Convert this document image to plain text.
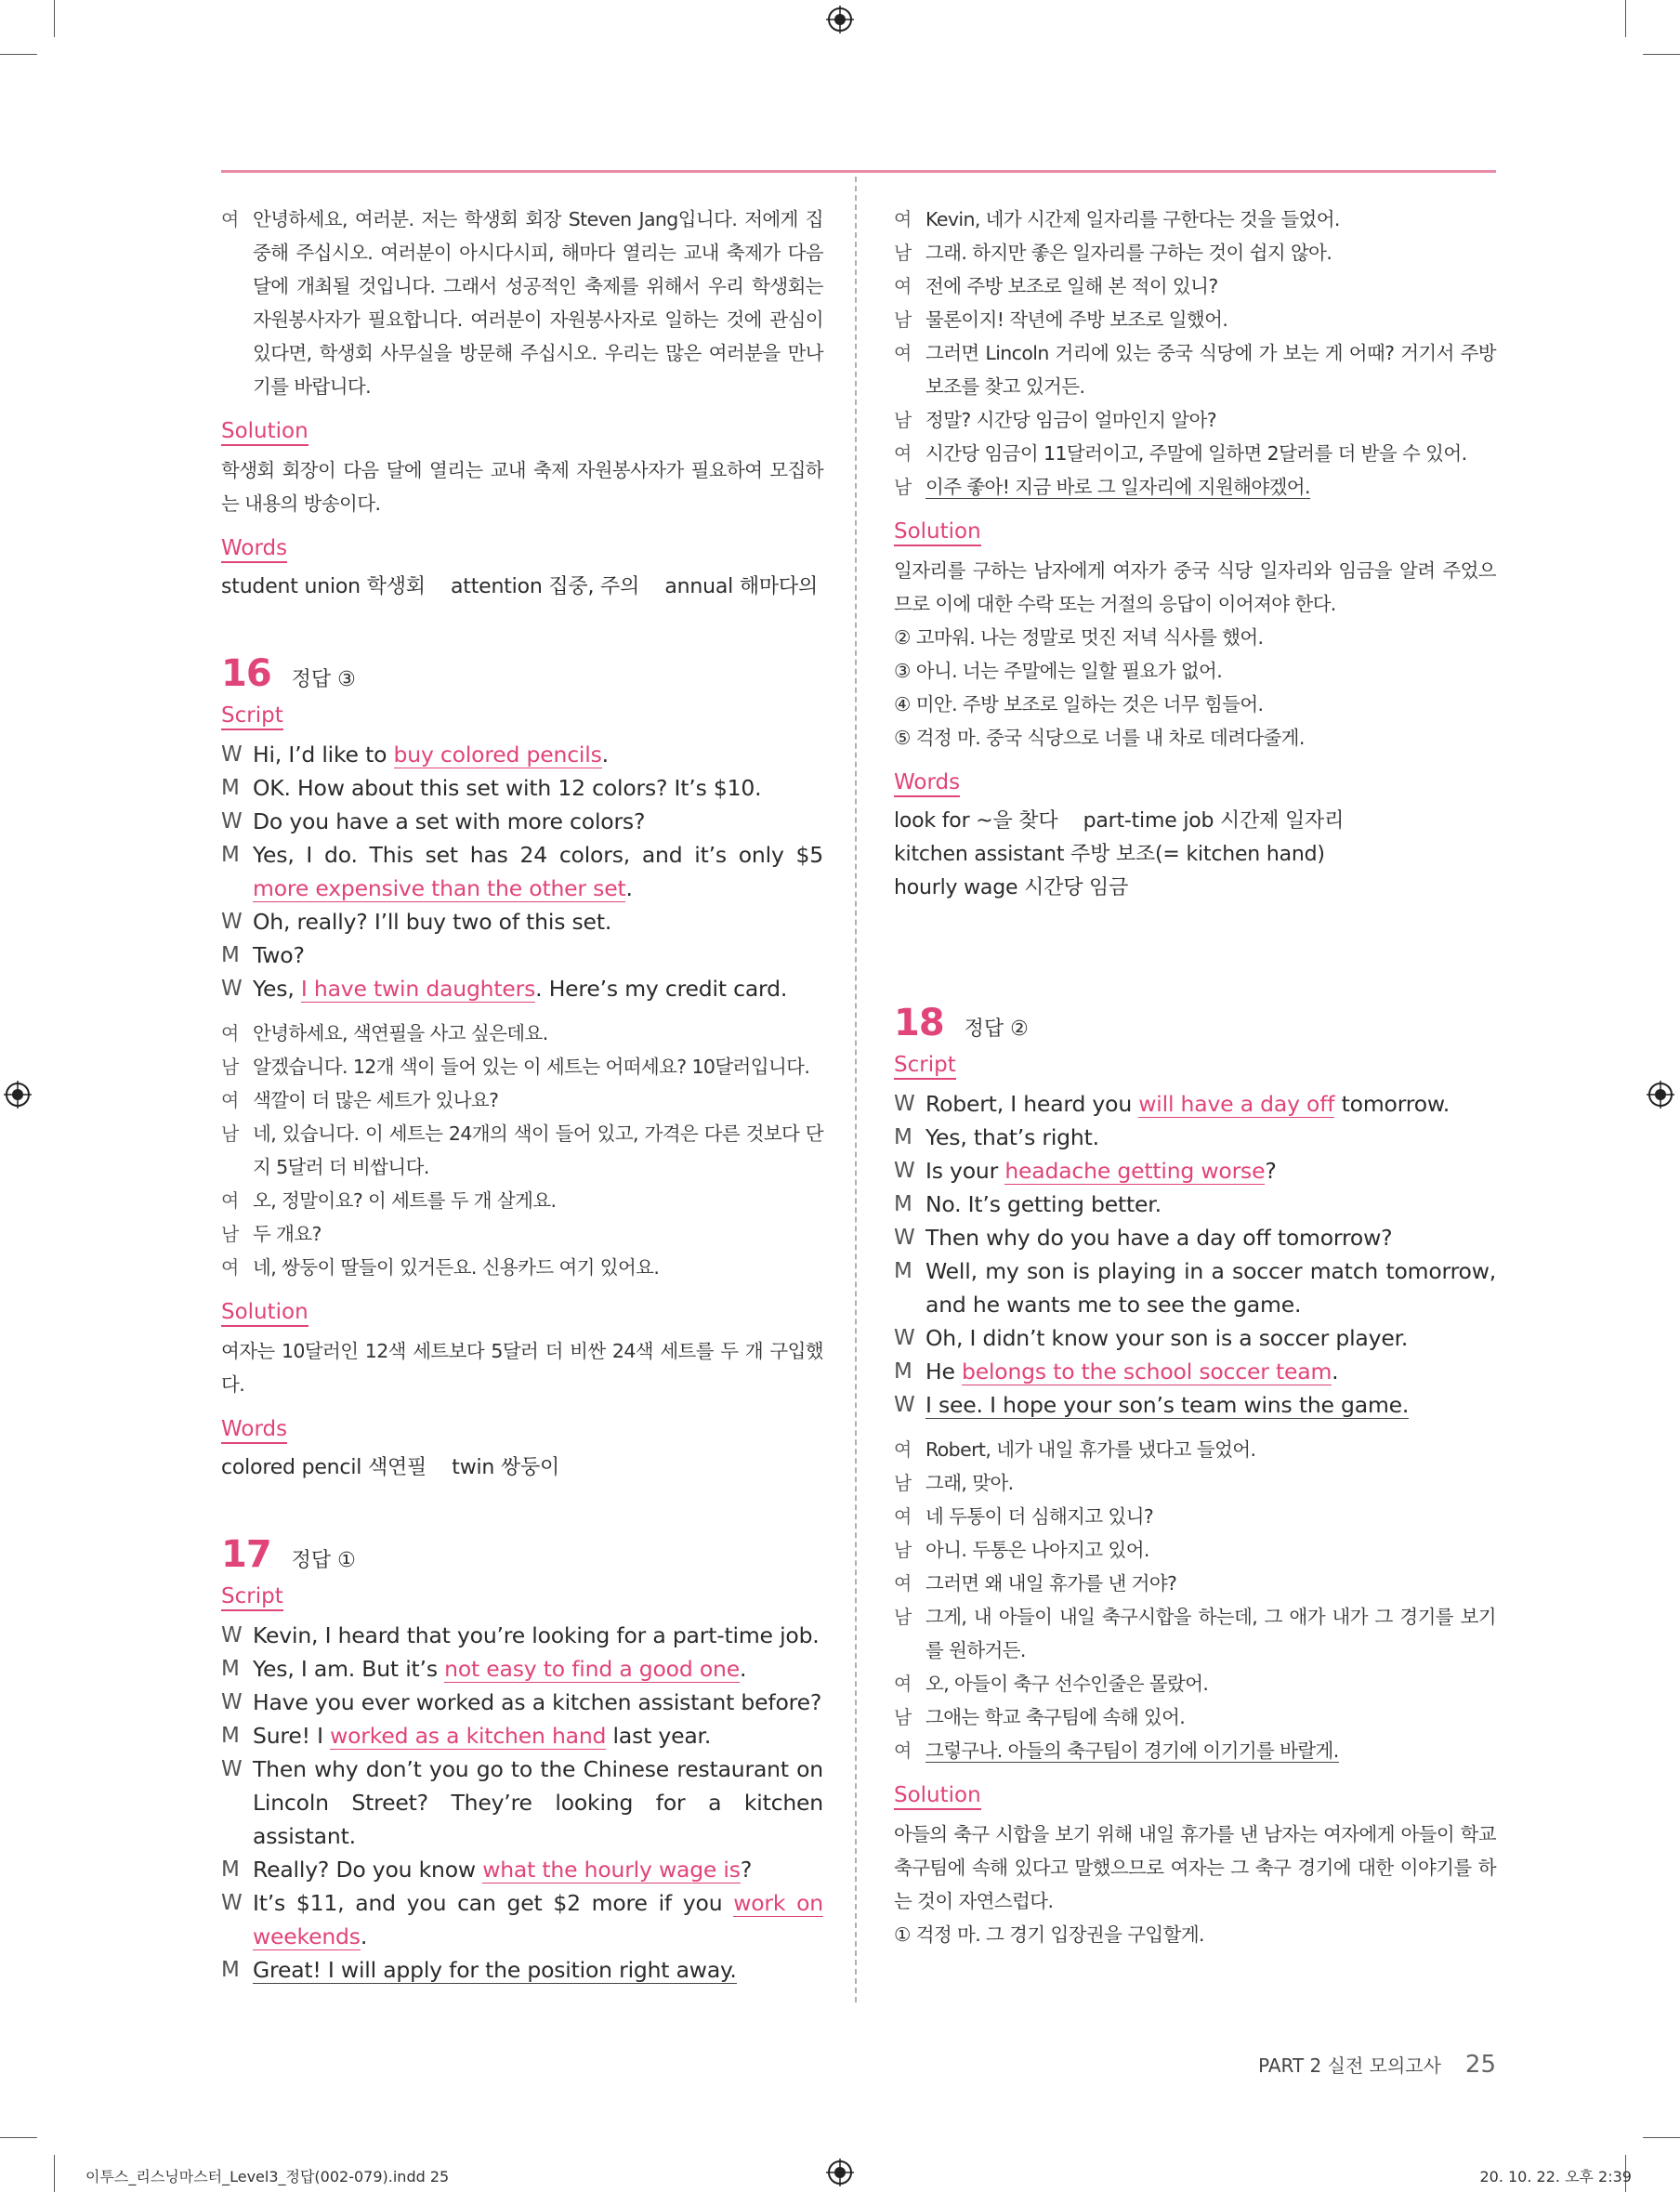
여 안녕하세요, 여러분. 저는 학생회 회장 Steven Jang입니다. 저에게 집중해 주십시오. 여러분이 아시다시피, 해마다 열리는 교내 축제가 다음 달에 개최될 것입니다. 그래서 성공적인 축제를 위해서 우리 학생회는 자원봉사자가 필요합니다. 여러분이 자원봉사자로 일하는 것에 관심이 있다면, 학생회 사무실을 방문해 주십시오. 우리는 많은 여러분을 만나기를 바랍니다.
Solution
학생회 회장이 다음 달에 열리는 교내 축제 자원봉사자가 필요하여 모집하는 내용의 방송이다.
Words
student union 학생회    attention 집중, 주의    annual 해마다의
16 정답 ③
Script
W Hi, I’d like to buy colored pencils.
M OK. How about this set with 12 colors? It’s $10.
W Do you have a set with more colors?
M Yes, I do. This set has 24 colors, and it’s only $5 more expensive than the other set.
W Oh, really? I’ll buy two of this set.
M Two?
W Yes, I have twin daughters. Here’s my credit card.
여 안녕하세요, 색연필을 사고 싶은데요.
남 알겠습니다. 12개 색이 들어 있는 이 세트는 어떠세요? 10달러입니다.
여 색깔이 더 많은 세트가 있나요?
남 네, 있습니다. 이 세트는 24개의 색이 들어 있고, 가격은 다른 것보다 단지 5달러 더 비쌉니다.
여 오, 정말이요? 이 세트를 두 개 살게요.
남 두 개요?
여 네, 쌍둥이 딸들이 있거든요. 신용카드 여기 있어요.
Solution
여자는 10달러인 12색 세트보다 5달러 더 비싼 24색 세트를 두 개 구입했다.
Words
colored pencil 색연필    twin 쌍둥이
17 정답 ①
Script
W Kevin, I heard that you’re looking for a part-time job.
M Yes, I am. But it’s not easy to find a good one.
W Have you ever worked as a kitchen assistant before?
M Sure! I worked as a kitchen hand last year.
W Then why don’t you go to the Chinese restaurant on Lincoln Street? They’re looking for a kitchen assistant.
M Really? Do you know what the hourly wage is?
W It’s $11, and you can get $2 more if you work on weekends.
M Great! I will apply for the position right away.
여 Kevin, 네가 시간제 일자리를 구한다는 것을 들었어.
남 그래. 하지만 좋은 일자리를 구하는 것이 쉽지 않아.
여 전에 주방 보조로 일해 본 적이 있니?
남 물론이지! 작년에 주방 보조로 일했어.
여 그러면 Lincoln 거리에 있는 중국 식당에 가 보는 게 어때? 거기서 주방 보조를 찾고 있거든.
남 정말? 시간당 임금이 얼마인지 알아?
여 시간당 임금이 11달러이고, 주말에 일하면 2달러를 더 받을 수 있어.
남 이주 좋아! 지금 바로 그 일자리에 지원해야겠어.
Solution
일자리를 구하는 남자에게 여자가 중국 식당 일자리와 임금을 알려 주었으므로 이에 대한 수락 또는 거절의 응답이 이어져야 한다.
② 고마워. 나는 정말로 멋진 저녁 식사를 했어.
③ 아니. 너는 주말에는 일할 필요가 없어.
④ 미안. 주방 보조로 일하는 것은 너무 힘들어.
⑤ 걱정 마. 중국 식당으로 너를 내 차로 데려다줄게.
Words
look for ~을 찾다    part-time job 시간제 일자리
kitchen assistant 주방 보조(= kitchen hand)
hourly wage 시간당 임금
18 정답 ②
Script
W Robert, I heard you will have a day off tomorrow.
M Yes, that’s right.
W Is your headache getting worse?
M No. It’s getting better.
W Then why do you have a day off tomorrow?
M Well, my son is playing in a soccer match tomorrow, and he wants me to see the game.
W Oh, I didn’t know your son is a soccer player.
M He belongs to the school soccer team.
W I see. I hope your son’s team wins the game.
여 Robert, 네가 내일 휴가를 냈다고 들었어.
남 그래, 맞아.
여 네 두통이 더 심해지고 있니?
남 아니. 두통은 나아지고 있어.
여 그러면 왜 내일 휴가를 낸 거야?
남 그게, 내 아들이 내일 축구시합을 하는데, 그 애가 내가 그 경기를 보기를 원하거든.
여 오, 아들이 축구 선수인줄은 몰랐어.
남 그애는 학교 축구팀에 속해 있어.
여 그렇구나. 아들의 축구팀이 경기에 이기기를 바랄게.
Solution
아들의 축구 시합을 보기 위해 내일 휴가를 낸 남자는 여자에게 아들이 학교 축구팀에 속해 있다고 말했으므로 여자는 그 축구 경기에 대한 이야기를 하는 것이 자연스럽다.
① 걱정 마. 그 경기 입장권을 구입할게.
PART 2 실전 모의고사 25
이투스_리스닝마스터_Level3_정답(002-079).indd 25	20. 10. 22. 오후 2:39
